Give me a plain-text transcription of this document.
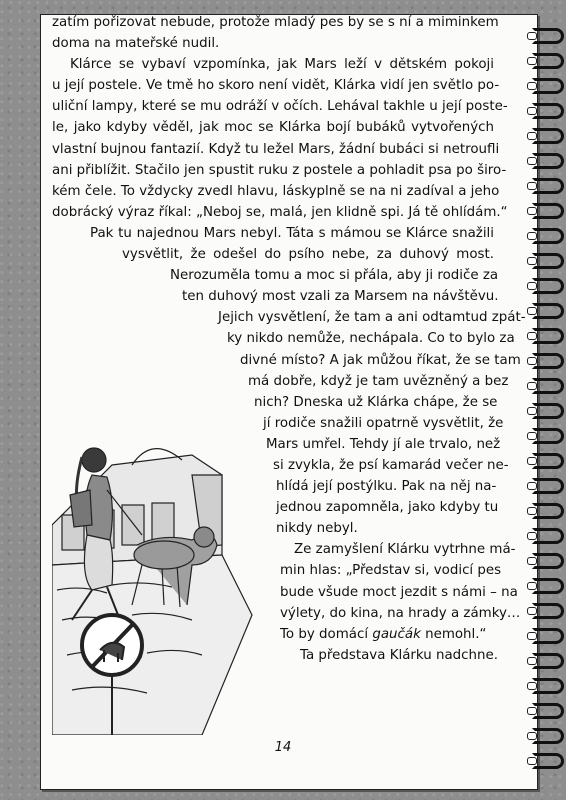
zatím pořizovat nebude, protože mladý pes by se s ní a miminkem
doma na mateřské nudil.
Klárce se vybaví vzpomínka, jak Mars leží v dětském pokoji
u její postele. Ve tmě ho skoro není vidět, Klárka vidí jen světlo po-
uliční lampy, které se mu odráží v očích. Lehával takhle u její poste-
le, jako kdyby věděl, jak moc se Klárka bojí bubáků vytvořených
vlastní bujnou fantazií. Když tu ležel Mars, žádní bubáci si netroufli
ani přiblížit. Stačilo jen spustit ruku z postele a pohladit psa po širo-
kém čele. To vždycky zvedl hlavu, láskyplně se na ni zadíval a jeho
dobrácký výraz říkal: „Neboj se, malá, jen klidně spi. Já tě ohlídám.“
Pak tu najednou Mars nebyl. Táta s mámou se Klárce snažili
vysvětlit, že odešel do psího nebe, za duhový most.
Nerozuměla tomu a moc si přála, aby ji rodiče za
ten duhový most vzali za Marsem na návštěvu.
Jejich vysvětlení, že tam a ani odtamtud zpát-
ky nikdo nemůže, nechápala. Co to bylo za
divné místo? A jak můžou říkat, že se tam
má dobře, když je tam uvězněný a bez
nich? Dneska už Klárka chápe, že se
jí rodiče snažili opatrně vysvětlit, že
Mars umřel. Tehdy jí ale trvalo, než
si zvykla, že psí kamarád večer ne-
hlídá její postýlku. Pak na něj na-
jednou zapomněla, jako kdyby tu
nikdy nebyl.
Ze zamyšlení Klárku vytrhne má-
min hlas: „Představ si, vodicí pes
bude všude moct jezdit s námi – na
výlety, do kina, na hrady a zámky…
To by domácí gaučák nemohl.“
Ta představa Klárku nadchne.
14
